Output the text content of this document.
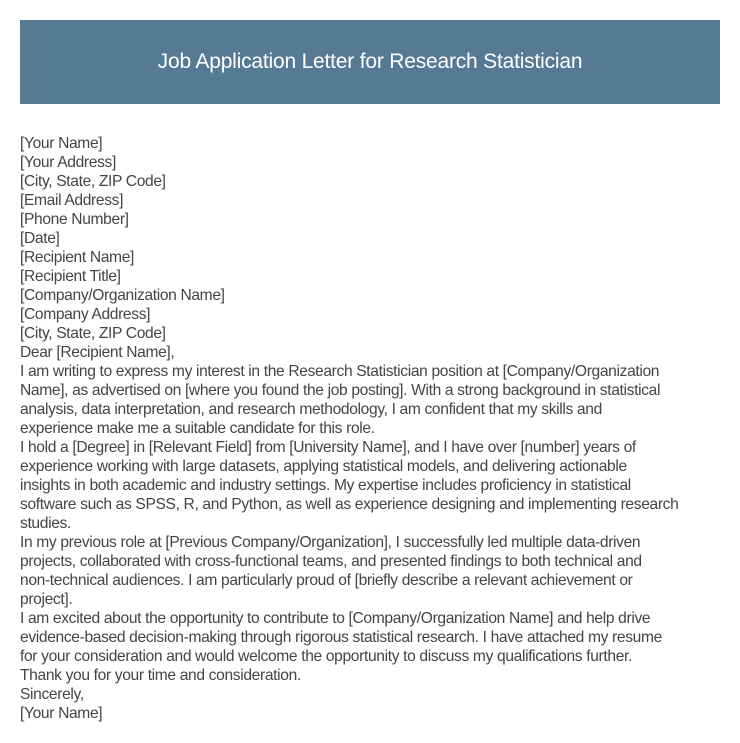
Job Application Letter for Research Statistician
[Your Name]
[Your Address]
[City, State, ZIP Code]
[Email Address]
[Phone Number]
[Date]
[Recipient Name]
[Recipient Title]
[Company/Organization Name]
[Company Address]
[City, State, ZIP Code]
Dear [Recipient Name],
I am writing to express my interest in the Research Statistician position at [Company/Organization
Name], as advertised on [where you found the job posting]. With a strong background in statistical
analysis, data interpretation, and research methodology, I am confident that my skills and
experience make me a suitable candidate for this role.
I hold a [Degree] in [Relevant Field] from [University Name], and I have over [number] years of
experience working with large datasets, applying statistical models, and delivering actionable
insights in both academic and industry settings. My expertise includes proficiency in statistical
software such as SPSS, R, and Python, as well as experience designing and implementing research
studies.
In my previous role at [Previous Company/Organization], I successfully led multiple data-driven
projects, collaborated with cross-functional teams, and presented findings to both technical and
non-technical audiences. I am particularly proud of [briefly describe a relevant achievement or
project].
I am excited about the opportunity to contribute to [Company/Organization Name] and help drive
evidence-based decision-making through rigorous statistical research. I have attached my resume
for your consideration and would welcome the opportunity to discuss my qualifications further.
Thank you for your time and consideration.
Sincerely,
[Your Name]
